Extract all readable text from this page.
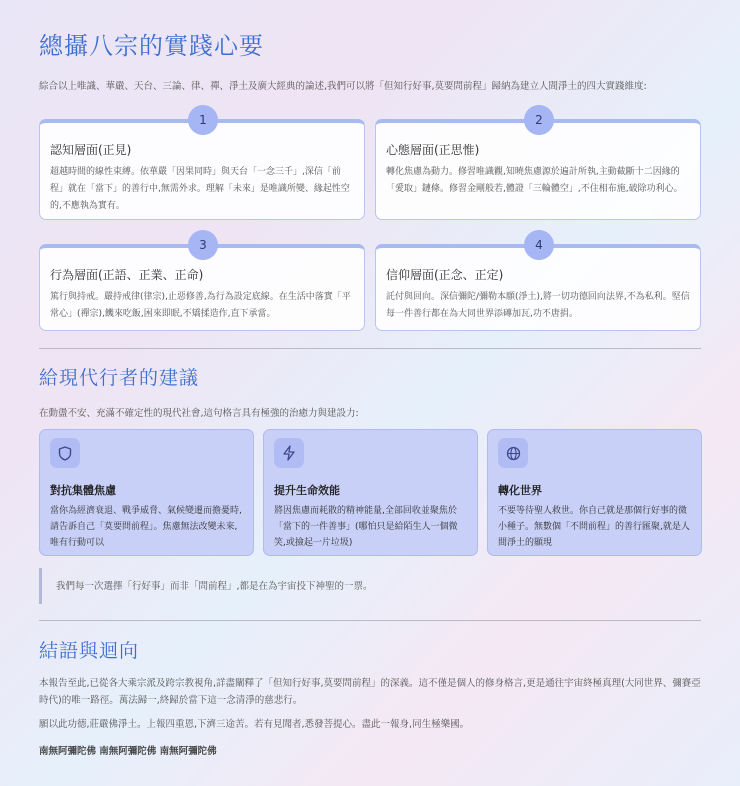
總攝八宗的實踐心要
綜合以上唯識、華嚴、天台、三論、律、禪、淨土及廣大經典的論述,我們可以將「但知行好事,莫要問前程」歸納為建立人間淨土的四大實踐維度:
1
認知層面(正見)

超越時間的線性束縛。依華嚴「因果同時」與天台「一念三千」,深信「前程」就在「當下」的善行中,無需外求。理解「未來」是唯識所變、緣起性空的,不應執為實有。

2
心態層面(正思惟)

轉化焦慮為動力。修習唯識觀,知曉焦慮源於遍計所執,主動截斷十二因緣的「愛取」鏈條。修習金剛般若,體證「三輪體空」,不住相布施,破除功利心。

3
行為層面(正語、正業、正命)

篤行與持戒。嚴持戒律(律宗),止惡修善,為行為設定底線。在生活中落實「平常心」(禪宗),饑來吃飯,困來即眠,不矯揉造作,直下承當。

4
信仰層面(正念、正定)

託付與回向。深信彌陀/彌勒本願(淨土),將一切功德回向法界,不為私利。堅信每一件善行都在為大同世界添磚加瓦,功不唐捐。

給現代行者的建議
在動盪不安、充滿不確定性的現代社會,這句格言具有極強的治癒力與建設力:
對抗集體焦慮

當你為經濟衰退、戰爭威脅、氣候變遷而擔憂時,請告訴自己「莫要問前程」。焦慮無法改變未來,唯有行動可以

提升生命效能

將因焦慮而耗散的精神能量,全部回收並聚焦於「當下的一件善事」(哪怕只是給陌生人一個微笑,或撿起一片垃圾)

轉化世界

不要等待聖人救世。你自己就是那個行好事的微小種子。無數個「不問前程」的善行匯聚,就是人間淨土的顯現

我們每一次選擇「行好事」而非「問前程」,都是在為宇宙投下神聖的一票。
結語與迴向
本報告至此,已從各大乘宗派及跨宗教視角,詳盡闡釋了「但知行好事,莫要問前程」的深義。這不僅是個人的修身格言,更是通往宇宙終極真理(大同世界、彌賽亞時代)的唯一路徑。萬法歸一,終歸於當下這一念清淨的慈悲行。
願以此功德,莊嚴佛淨土。上報四重恩,下濟三途苦。若有見聞者,悉發菩提心。盡此一報身,同生極樂國。
南無阿彌陀佛 南無阿彌陀佛 南無阿彌陀佛
